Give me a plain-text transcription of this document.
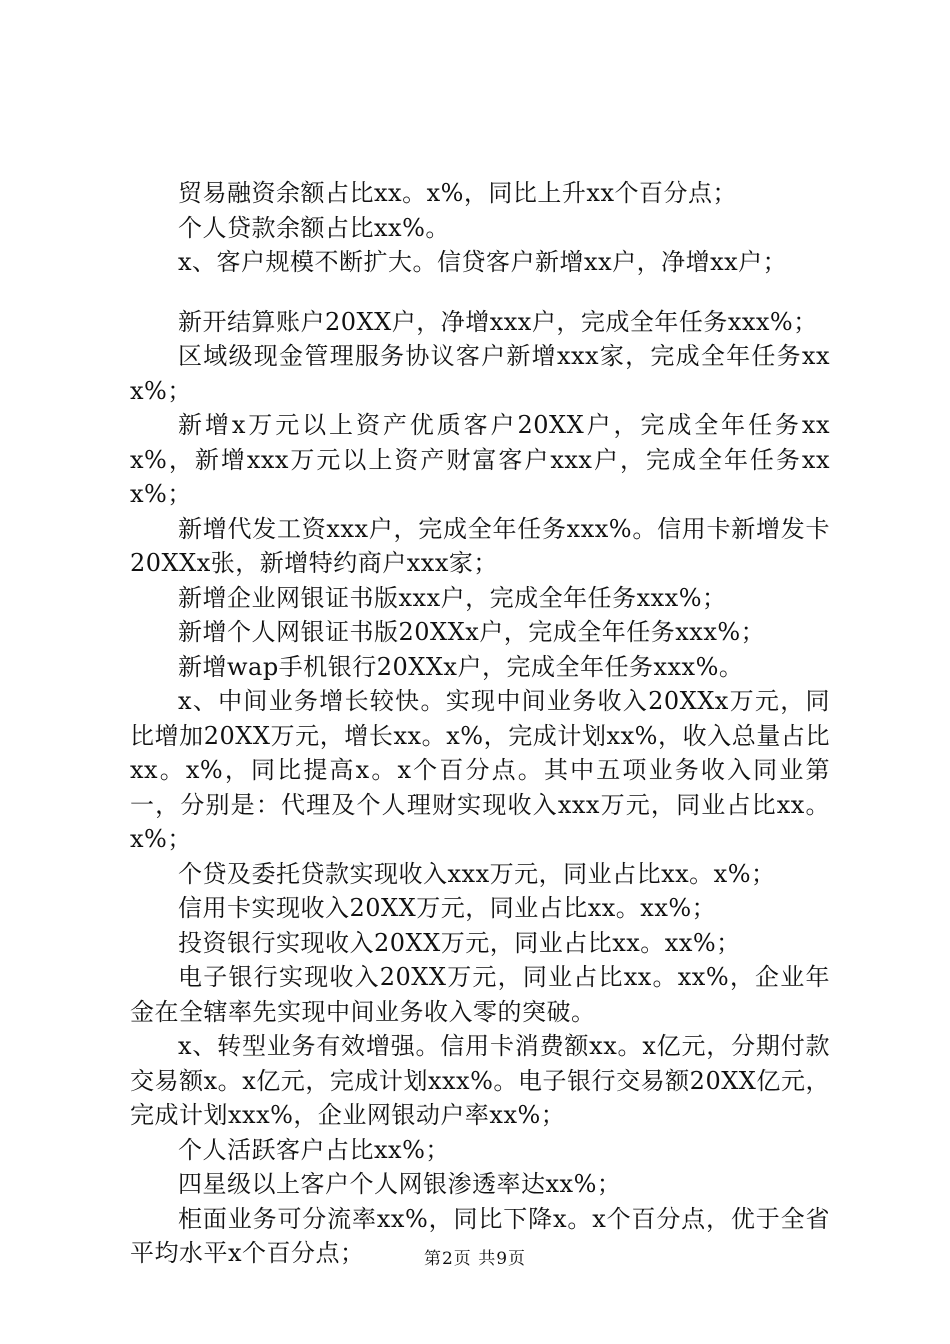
贸易融资余额占比xx。x%，同比上升xx个百分点；

个人贷款余额占比xx%。

x、客户规模不断扩大。信贷客户新增xx户，净增xx户；

新开结算账户20XX户，净增xxx户，完成全年任务xxx%；

区域级现金管理服务协议客户新增xxx家，完成全年任务xxx%；

新增x万元以上资产优质客户20XX户，完成全年任务xxx%，新增xxx万元以上资产财富客户xxx户，完成全年任务xxx%；

新增代发工资xxx户，完成全年任务xxx%。信用卡新增发卡20XXx张，新增特约商户xxx家；

新增企业网银证书版xxx户，完成全年任务xxx%；

新增个人网银证书版20XXx户，完成全年任务xxx%；

新增wap手机银行20XXx户，完成全年任务xxx%。

x、中间业务增长较快。实现中间业务收入20XXx万元，同比增加20XX万元，增长xx。x%，完成计划xx%，收入总量占比xx。x%，同比提高x。x个百分点。其中五项业务收入同业第一，分别是：代理及个人理财实现收入xxx万元，同业占比xx。x%；

个贷及委托贷款实现收入xxx万元，同业占比xx。x%；

信用卡实现收入20XX万元，同业占比xx。xx%；

投资银行实现收入20XX万元，同业占比xx。xx%；

电子银行实现收入20XX万元，同业占比xx。xx%，企业年金在全辖率先实现中间业务收入零的突破。

x、转型业务有效增强。信用卡消费额xx。x亿元，分期付款交易额x。x亿元，完成计划xxx%。电子银行交易额20XX亿元，完成计划xxx%，企业网银动户率xx%；

个人活跃客户占比xx%；

四星级以上客户个人网银渗透率达xx%；

柜面业务可分流率xx%，同比下降x。x个百分点，优于全省平均水平x个百分点；	第2页 共9页
